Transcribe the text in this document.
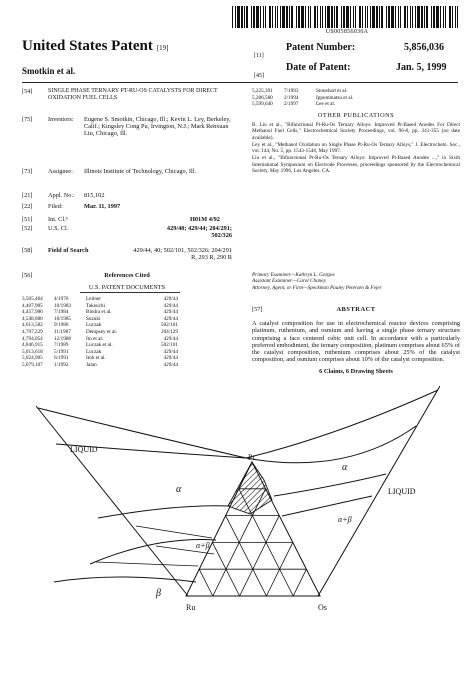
US005856036A
United States Patent [19]
Smotkin et al.
[11]
Patent Number:	5,856,036
[45]
Date of Patent:	Jan. 5, 1999
[54]	SINGLE PHASE TERNARY PT-RU-OS CATALYSTS FOR DIRECT OXIDATION FUEL CELLS
[75] Inventors: Eugene S. Smotkin, Chicago, Ill.; Kevin L. Ley, Berkeley, Calif.; Kingsley Cong Pu, Irvington, N.J.; Mark Renxuan Liu, Chicago, Ill.
[73] Assignee: Illinois Institute of Technology, Chicago, Ill.
[21] Appl. No.: 815,102
[22] Filed:	Mar. 11, 1997
[51] Int. Cl.⁶	H01M 4/92
[52] U.S. Cl.	429/40; 429/44; 204/291; 502/326
[58] Field of Search	429/44, 40; 502/101, 502/326; 204/291 R, 293 R, 290 R
[56]	References Cited
U.S. PATENT DOCUMENTS
3,505,464 4/1970	Leitner	429/44
4,407,905 10/1983	Takeuchi	429/44
4,457,986 7/1984	Bindra et al.	429/44
4,548,880 10/1985	Suzuki	429/44
4,613,582 9/1986	Luczak	502/101
4,707,229 11/1987	Dempsey et al.	204/129
4,794,054 12/1988	Ito et al.	429/44
4,846,915 7/1989	Luczak et al.	502/101
5,013,618 5/1991	Luczak	429/44
5,024,905 6/1991	Itoh et al.	429/44
5,079,107 1/1992	Jalan	429/44
5,225,391 7/1993	Stonehart et al.
5,286,580 2/1994	Ippommatsu et al.
5,599,640 2/1997	Lee et al.
OTHER PUBLICATIONS
R. Liu et al., "Bifunctional Pt-Ru-Os Ternary Alloys: Improved Pt-Based Anodes For Direct Methanol Fuel Cells," Electrochemical Society Proceedings, vol. 96-8, pp. 341-355 (no date available).
Ley et al., "Methanol Oxidation on Single Phase Pt-Ru-Os Ternary Alloys," J. Electrochem. Soc., vol. 144, No. 5, pp. 1543-1548, May 1997.
Liu et al., "Bifunctional Pt-Ru-Os Ternary Alloys: Improved Pt-Based Anodes ...," in Sixth International Symposium on Electrode Processes, proceedings sponsored by the Electrochemical Society, May 1996, Los Angeles, CA.
Primary Examiner—Kathryn L. Gorgos
Assistant Examiner—Carol Chaney
Attorney, Agent, or Firm—Speckman Pauley Petersen & Fejer
[57]	ABSTRACT
A catalyst composition for use in electrochemical reactor devices comprising platinum, ruthenium, and osmium and having a single phase ternary structure comprising a face centered cubic unit cell. In accordance with a particularly preferred embodiment, the ternary composition, platinum comprises about 65% of the catalyst composition, ruthenium comprises about 25% of the catalyst composition, and osmium comprises about 10% of the catalyst composition.
6 Claims, 6 Drawing Sheets
LIQUID
LIQUID
Pt
Ru	Os
α
α
α+β
α+β
β
